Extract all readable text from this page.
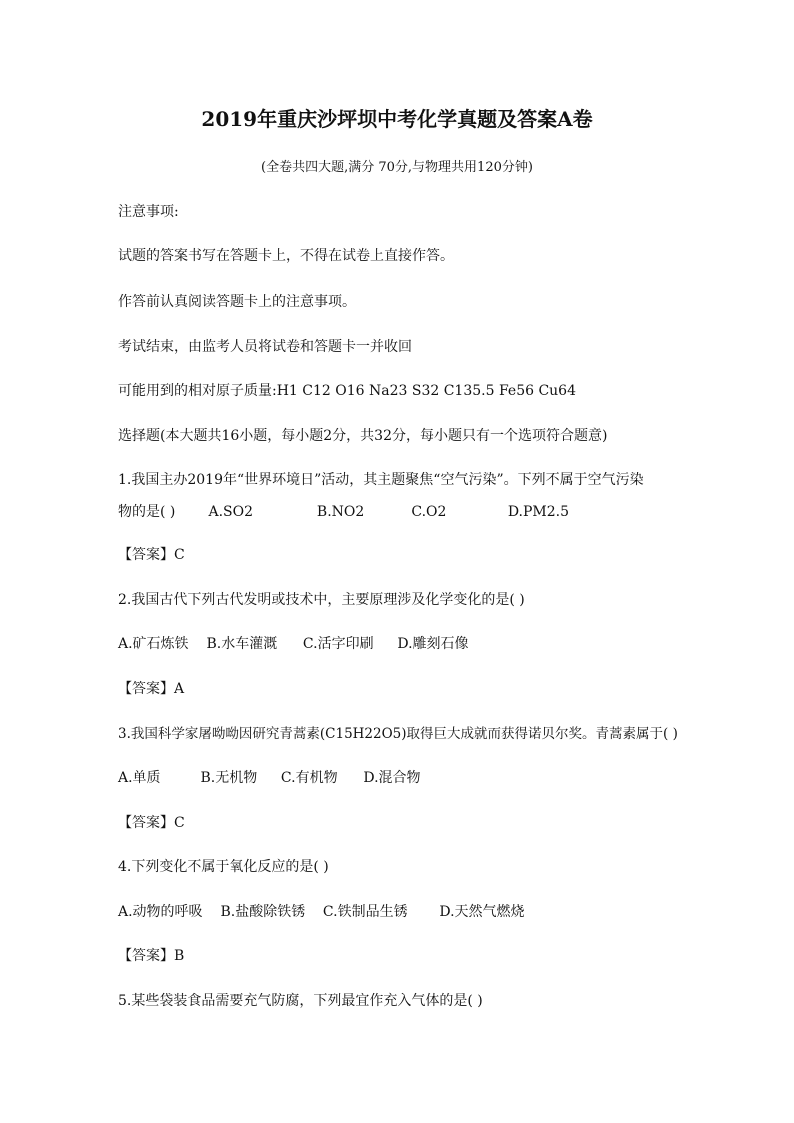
2019年重庆沙坪坝中考化学真题及答案A卷
(全卷共四大题,满分 70分,与物理共用120分钟)
注意事项:
试题的答案书写在答题卡上，不得在试卷上直接作答。
作答前认真阅读答题卡上的注意事项。
考试结束，由监考人员将试卷和答题卡一并收回
可能用到的相对原子质量:H1 C12 O16 Na23 S32 C135.5 Fe56 Cu64
选择题(本大题共16小题，每小题2分，共32分，每小题只有一个选项符合题意)
1.我国主办2019年“世界环境日”活动，其主题聚焦“空气污染”。下列不属于空气污染
物的是( ) A.SO2	B.NO2	C.O2	D.PM2.5
【答案】C
2.我国古代下列古代发明或技术中，主要原理涉及化学变化的是( )
A.矿石炼铁 B.水车灌溉 C.活字印刷 D.雕刻石像
【答案】A
3.我国科学家屠呦呦因研究青蒿素(C15H22O5)取得巨大成就而获得诺贝尔奖。青蒿素属于( )
A.单质	B.无机物 C.有机物 D.混合物
【答案】C
4.下列变化不属于氧化反应的是( )
A.动物的呼吸 B.盐酸除铁锈 C.铁制品生锈 D.天然气燃烧
【答案】B
5.某些袋装食品需要充气防腐，下列最宜作充入气体的是( )
